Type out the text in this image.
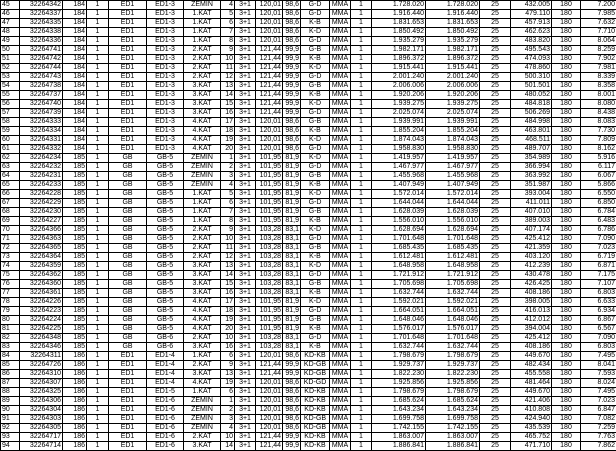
45	32264342	184	1	ED1	ED1-3	ZEMIN	4	3+1	120,01	98,6	G-D	MMA	1	1.728.020	1.728.020	25	432.005	180	7.200
46	32264337	184	1	ED1	ED1-3	1.KAT	5	3+1	120,01	98,6	G-D	MMA	1	1.916.440	1.916.440	25	479.110	180	7.985
47	32264335	184	1	ED1	ED1-3	1.KAT	6	3+1	120,01	98,6	K-B	MMA	1	1.831.653	1.831.653	25	457.913	180	7.632
48	32264338	184	1	ED1	ED1-3	1.KAT	7	3+1	120,01	98,6	K-D	MMA	1	1.850.492	1.850.492	25	462.623	180	7.710
49	32264336	184	1	ED1	ED1-3	1.KAT	8	3+1	120,01	98,6	G-D	MMA	1	1.935.279	1.935.279	25	483.820	180	8.064
50	32264741	184	1	ED1	ED1-3	2.KAT	9	3+1	121,44	99,9	G-B	MMA	1	1.982.171	1.982.171	25	495.543	180	8.259
51	32264742	184	1	ED1	ED1-3	2.KAT	10	3+1	121,44	99,9	K-B	MMA	1	1.896.372	1.896.372	25	474.093	180	7.902
52	32264744	184	1	ED1	ED1-3	2.KAT	11	3+1	121,44	99,9	K-D	MMA	1	1.915.441	1.915.441	25	478.860	180	7.981
53	32264743	184	1	ED1	ED1-3	2.KAT	12	3+1	121,44	99,9	G-D	MMA	1	2.001.240	2.001.240	25	500.310	180	8.339
54	32264738	184	1	ED1	ED1-3	3.KAT	13	3+1	121,44	99,9	G-B	MMA	1	2.006.006	2.006.006	25	501.501	180	8.358
55	32264737	184	1	ED1	ED1-3	3.KAT	14	3+1	121,44	99,9	K-B	MMA	1	1.920.206	1.920.206	25	480.052	180	8.001
56	32264740	184	1	ED1	ED1-3	3.KAT	15	3+1	121,44	99,9	K-D	MMA	1	1.939.275	1.939.275	25	484.818	180	8.080
57	32264739	184	1	ED1	ED1-3	3.KAT	16	3+1	121,44	99,9	G-D	MMA	1	2.025.074	2.025.074	25	506.269	180	8.438
58	32264333	184	1	ED1	ED1-3	4.KAT	17	3+1	120,01	98,6	G-B	MMA	1	1.939.991	1.939.991	25	484.998	180	8.083
59	32264334	184	1	ED1	ED1-3	4.KAT	18	3+1	120,01	98,6	K-B	MMA	1	1.855.204	1.855.204	25	463.801	180	7.730
60	32264331	184	1	ED1	ED1-3	4.KAT	19	3+1	120,01	98,6	K-D	MMA	1	1.874.043	1.874.043	25	468.511	180	7.809
61	32264332	184	1	ED1	ED1-3	4.KAT	20	3+1	120,01	98,6	G-D	MMA	1	1.958.830	1.958.830	25	489.707	180	8.162
62	32264234	185	1	GB	GB-5	ZEMIN	1	3+1	101,95	81,9	K-D	MMA	1	1.419.957	1.419.957	25	354.989	180	5.916
63	32264232	185	1	GB	GB-5	ZEMIN	2	3+1	101,95	81,9	G-D	MMA	1	1.467.977	1.467.977	25	366.994	180	6.117
64	32264231	185	1	GB	GB-5	ZEMIN	3	3+1	101,95	81,9	G-B	MMA	1	1.455.968	1.455.968	25	363.992	180	6.067
65	32264233	185	1	GB	GB-5	ZEMIN	4	3+1	101,95	81,9	K-B	MMA	1	1.407.949	1.407.949	25	351.987	180	5.866
66	32264228	185	1	GB	GB-5	1.KAT	5	3+1	101,95	81,9	K-D	MMA	1	1.572.014	1.572.014	25	393.004	180	6.550
67	32264229	185	1	GB	GB-5	1.KAT	6	3+1	101,95	81,9	G-D	MMA	1	1.644.044	1.644.044	25	411.011	180	6.850
68	32264230	185	1	GB	GB-5	1.KAT	7	3+1	101,95	81,9	G-B	MMA	1	1.628.039	1.628.039	25	407.010	180	6.784
69	32264227	185	1	GB	GB-5	1.KAT	8	3+1	101,95	81,9	K-B	MMA	1	1.556.010	1.556.010	25	389.003	180	6.483
70	32264366	185	1	GB	GB-5	2.KAT	9	3+1	103,28	83,1	K-D	MMA	1	1.628.694	1.628.694	25	407.174	180	6.786
71	32264363	185	1	GB	GB-5	2.KAT	10	3+1	103,28	83,1	G-D	MMA	1	1.701.648	1.701.648	25	425.412	180	7.090
72	32264365	185	1	GB	GB-5	2.KAT	11	3+1	103,28	83,1	G-B	MMA	1	1.685.435	1.685.435	25	421.359	180	7.023
73	32264364	185	1	GB	GB-5	2.KAT	12	3+1	103,28	83,1	K-B	MMA	1	1.612.481	1.612.481	25	403.120	180	6.719
74	32264359	185	1	GB	GB-5	3.KAT	13	3+1	103,28	83,1	K-D	MMA	1	1.648.958	1.648.958	25	412.239	180	6.871
75	32264362	185	1	GB	GB-5	3.KAT	14	3+1	103,28	83,1	G-D	MMA	1	1.721.912	1.721.912	25	430.478	180	7.175
76	32264360	185	1	GB	GB-5	3.KAT	15	3+1	103,28	83,1	G-B	MMA	1	1.705.698	1.705.698	25	426.425	180	7.107
77	32264361	185	1	GB	GB-5	3.KAT	16	3+1	103,28	83,1	K-B	MMA	1	1.632.744	1.632.744	25	408.186	180	6.803
78	32264226	185	1	GB	GB-5	4.KAT	17	3+1	101,95	81,9	K-D	MMA	1	1.592.021	1.592.021	25	398.005	180	6.633
79	32264223	185	1	GB	GB-5	4.KAT	18	3+1	101,95	81,9	G-D	MMA	1	1.664.051	1.664.051	25	416.013	180	6.934
80	32264224	185	1	GB	GB-5	4.KAT	19	3+1	101,95	81,9	G-B	MMA	1	1.648.046	1.648.046	25	412.012	180	6.867
81	32264225	185	1	GB	GB-5	4.KAT	20	3+1	101,95	81,9	K-B	MMA	1	1.576.017	1.576.017	25	394.004	180	6.567
82	32264348	185	1	GB	GB-6	2.KAT	10	3+1	103,28	83,1	G-D	MMA	1	1.701.648	1.701.648	25	425.412	180	7.090
83	32264346	185	1	GB	GB-6	3.KAT	16	3+1	103,28	83,1	K-B	MMA	1	1.632.744	1.632.744	25	408.186	180	6.803
84	32264311	186	1	ED1	ED1-4	1.KAT	6	3+1	120,01	98,6	KD-KB	MMA	1	1.798.679	1.798.679	25	449.670	180	7.495
85	32264726	186	1	ED1	ED1-4	2.KAT	9	3+1	121,44	99,9	KD-GB	MMA	1	1.929.737	1.929.737	25	482.434	180	8.041
86	32264310	186	1	ED1	ED1-4	3.KAT	13	3+1	121,44	99,9	KD-GB	MMA	1	1.822.230	1.822.230	25	455.558	180	7.593
87	32264307	186	1	ED1	ED1-4	4.KAT	19	3+1	120,01	98,6	KD-GD	MMA	1	1.925.856	1.925.856	25	481.464	180	8.024
88	32264325	186	1	ED1	ED1-5	1.KAT	6	3+1	120,01	98,6	KD-KB	MMA	1	1.798.679	1.798.679	25	449.670	180	7.495
89	32264306	186	1	ED1	ED1-6	ZEMIN	1	3+1	120,01	98,6	KD-KB	MMA	1	1.685.624	1.685.624	25	421.406	180	7.023
90	32264304	186	1	ED1	ED1-6	ZEMIN	2	3+1	120,01	98,6	KD-KB	MMA	1	1.643.234	1.643.234	25	410.808	180	6.847
91	32264303	186	1	ED1	ED1-6	ZEMIN	3	3+1	120,01	98,6	KD-GB	MMA	1	1.699.758	1.699.758	25	424.940	180	7.082
92	32264305	186	1	ED1	ED1-6	ZEMIN	4	3+1	120,01	98,6	KD-GB	MMA	1	1.742.155	1.742.155	25	435.539	180	7.259
93	32264717	186	1	ED1	ED1-6	2.KAT	10	3+1	121,44	99,9	KD-KB	MMA	1	1.863.007	1.863.007	25	465.752	180	7.763
94	32264714	186	1	ED1	ED1-6	3.KAT	14	3+1	121,44	99,9	KD-KB	MMA	1	1.886.841	1.886.841	25	471.710	180	7.862
